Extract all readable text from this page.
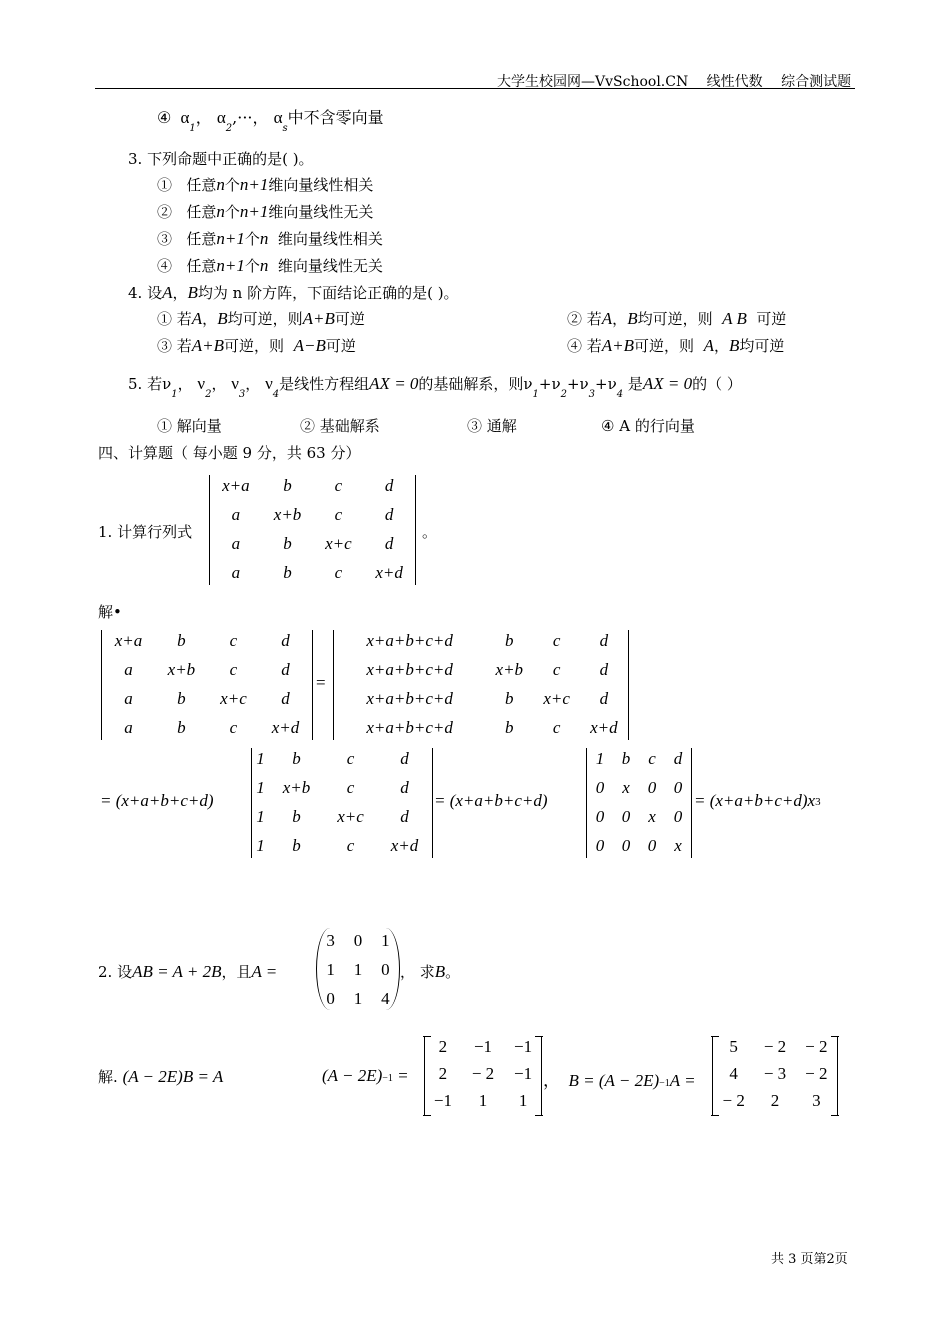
大学生校园网—VvSchool.CN 线性代数 综合测试题
④ $\alpha_1$， $\alpha_2,\cdot\cdot\cdot$， $\alpha_s$中不含零向量
3. 下列命题中正确的是( )。
① 任意n个n+1维向量线性相关
② 任意n个n+1维向量线性无关
③ 任意n+1个n 维向量线性相关
④ 任意n+1个n 维向量线性无关
4. 设A，B均为 n 阶方阵，下面结论正确的是( )。
① 若A，B均可逆，则A+B可逆	② 若A，B均可逆，则 A B 可逆
③ 若A+B可逆，则 A−B可逆	④ 若A+B可逆，则 A，B均可逆
5. 若$\nu_1$， $\nu_2$， $\nu_3$， $\nu_4$是线性方程组AX = 0的基础解系，则$\nu_1+\nu_2+\nu_3+\nu_4$ 是AX = 0的（ ）
① 解向量	② 基础解系	③ 通解	④ A 的行向量
四、计算题（ 每小题 9 分，共 63 分）
1. 计算行列式
x+a	b	c	d
a	x+b	c	d
a	b	x+c	d
a	b	c	x+d
。
解•
x+a	b	c	d
a	x+b	c	d
a	b	x+c	d
a	b	c	x+d
=
x+a+b+c+d	b	c	d
x+a+b+c+d	x+b	c	d
x+a+b+c+d	b	x+c	d
x+a+b+c+d	b	c	x+d
= (x+a+b+c+d)
1	b	c	d
1	x+b	c	d
1	b	x+c	d
1	b	c	x+d
= (x+a+b+c+d)
1	b	c	d
0	x	0	0
0	0	x	0
0	0	0	x
= (x+a+b+c+d)x3
2. 设AB = A + 2B，且A =
3	0	1
1	1	0
0	1	4
， 求B。
解. (A − 2E)B = A	(A − 2E)−1 =
2	−1	−1
2	− 2	−1
−1	1	1
， B = (A − 2E)−1A =
5	− 2	− 2
4	− 3	− 2
− 2	2	3
共 3 页第2页
